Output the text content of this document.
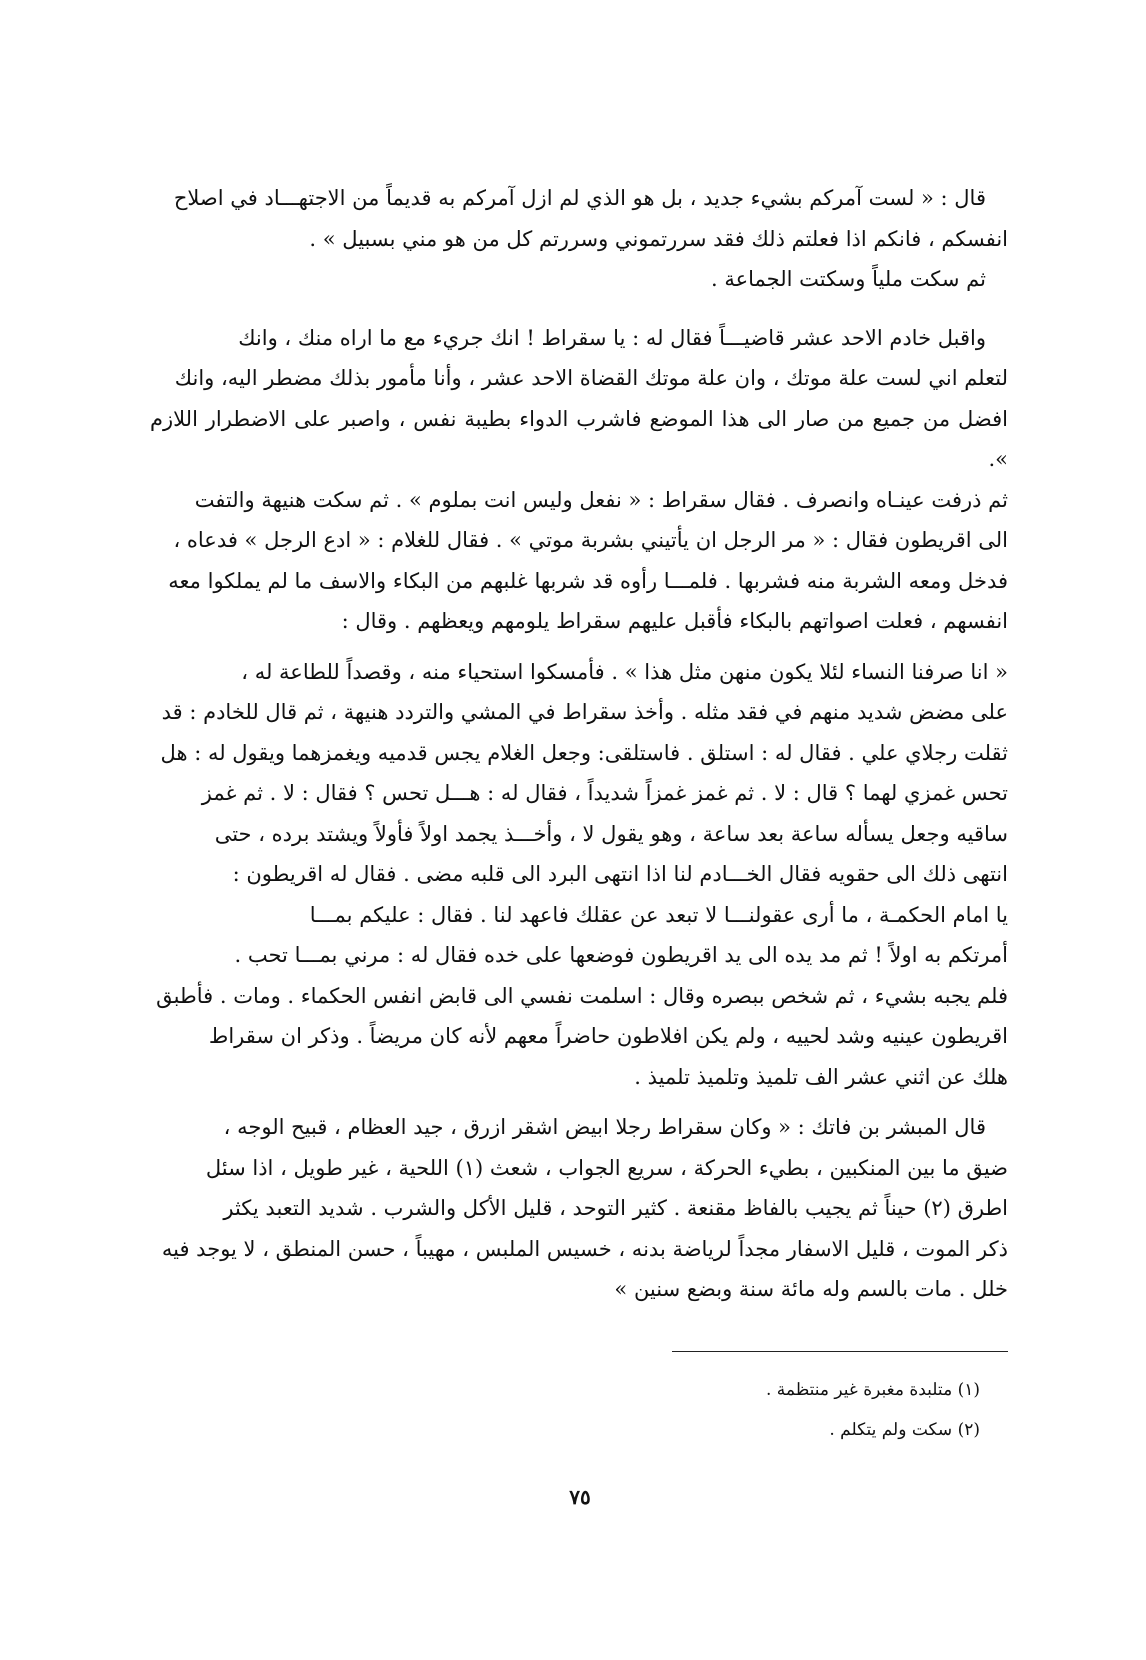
قال : « لست آمركم بشيء جديد ، بل هو الذي لم ازل آمركم به قديماً من الاجتهـــاد في اصلاح

انفسكم ، فانكم اذا فعلتم ذلك فقد سررتموني وسررتم كل من هو مني بسبيل » .

ثم سكت ملياً وسكتت الجماعة .

واقبل خادم الاحد عشر قاضيـــاً فقال له : يا سقراط ! انك جريء مع ما اراه منك ، وانك

لتعلم اني لست علة موتك ، وان علة موتك القضاة الاحد عشر ، وأنا مأمور بذلك مضطر اليه، وانك

افضل من جميع من صار الى هذا الموضع فاشرب الدواء بطيبة نفس ، واصبر على الاضطرار اللازم ».

ثم ذرفت عينـاه وانصرف . فقال سقراط : « نفعل وليس انت بملوم » . ثم سكت هنيهة والتفت

الى اقريطون فقال : « مر الرجل ان يأتيني بشربة موتي » . فقال للغلام : « ادع الرجل » فدعاه ،

فدخل ومعه الشربة منه فشربها . فلمـــا رأوه قد شربها غلبهم من البكاء والاسف ما لم يملكوا معه

انفسهم ، فعلت اصواتهم بالبكاء فأقبل عليهم سقراط يلومهم ويعظهم . وقال :

« انا صرفنا النساء لئلا يكون منهن مثل هذا » . فأمسكوا استحياء منه ، وقصداً للطاعة له ،

على مضض شديد منهم في فقد مثله . وأخذ سقراط في المشي والتردد هنيهة ، ثم قال للخادم : قد

ثقلت رجلاي علي . فقال له : استلق . فاستلقى: وجعل الغلام يجس قدميه ويغمزهما ويقول له : هل

تحس غمزي لهما ؟ قال : لا . ثم غمز غمزاً شديداً ، فقال له : هـــل تحس ؟ فقال : لا . ثم غمز

ساقيه وجعل يسأله ساعة بعد ساعة ، وهو يقول لا ، وأخـــذ يجمد اولاً فأولاً ويشتد برده ، حتى

انتهى ذلك الى حقويه فقال الخـــادم لنا اذا انتهى البرد الى قلبه مضى . فقال له اقريطون :

يا امام الحكمـة ، ما أرى عقولنـــا لا تبعد عن عقلك فاعهد لنا . فقال : عليكم بمـــا

أمرتكم به اولاً ! ثم مد يده الى يد اقريطون فوضعها على خده فقال له : مرني بمـــا تحب .

فلم يجبه بشيء ، ثم شخص ببصره وقال : اسلمت نفسي الى قابض انفس الحكماء . ومات . فأطبق

اقريطون عينيه وشد لحييه ، ولم يكن افلاطون حاضراً معهم لأنه كان مريضاً . وذكر ان سقراط

هلك عن اثني عشر الف تلميذ وتلميذ تلميذ .

قال المبشر بن فاتك : « وكان سقراط رجلا ابيض اشقر ازرق ، جيد العظام ، قبيح الوجه ،

ضيق ما بين المنكبين ، بطيء الحركة ، سريع الجواب ، شعث (١) اللحية ، غير طويل ، اذا سئل

اطرق (٢) حيناً ثم يجيب بالفاظ مقنعة . كثير التوحد ، قليل الأكل والشرب . شديد التعبد يكثر

ذكر الموت ، قليل الاسفار مجداً لرياضة بدنه ، خسيس الملبس ، مهيباً ، حسن المنطق ، لا يوجد فيه

خلل . مات بالسم وله مائة سنة وبضع سنين »

(١) متلبدة مغبرة غير منتظمة .

(٢) سكت ولم يتكلم .

٧٥
